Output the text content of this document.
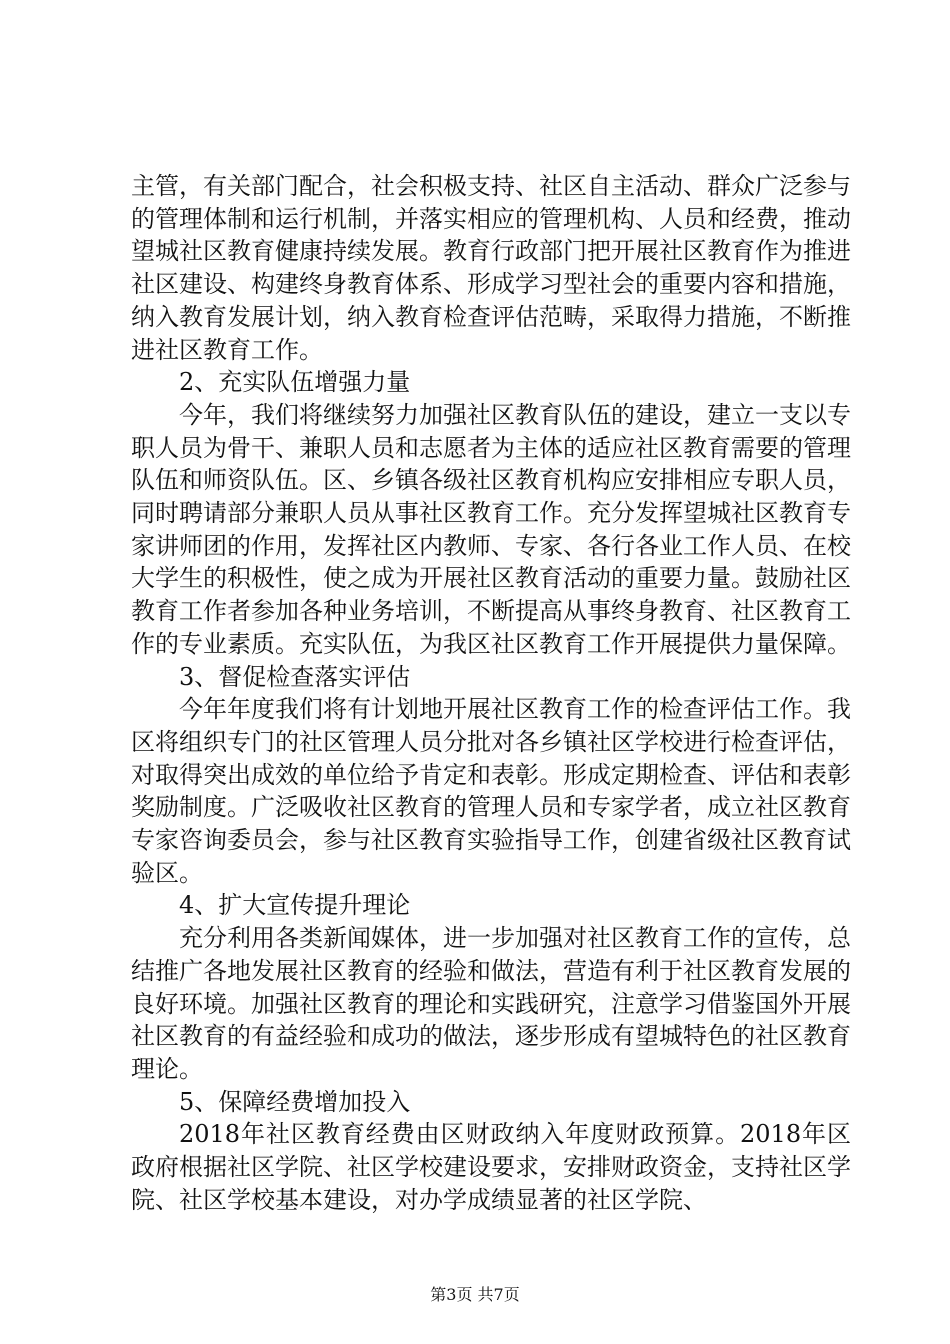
主管，有关部门配合，社会积极支持、社区自主活动、群众广泛参与的管理体制和运行机制，并落实相应的管理机构、人员和经费，推动望城社区教育健康持续发展。教育行政部门把开展社区教育作为推进社区建设、构建终身教育体系、形成学习型社会的重要内容和措施，纳入教育发展计划，纳入教育检查评估范畴，采取得力措施，不断推进社区教育工作。

2、充实队伍增强力量

今年，我们将继续努力加强社区教育队伍的建设，建立一支以专职人员为骨干、兼职人员和志愿者为主体的适应社区教育需要的管理队伍和师资队伍。区、乡镇各级社区教育机构应安排相应专职人员，同时聘请部分兼职人员从事社区教育工作。充分发挥望城社区教育专家讲师团的作用，发挥社区内教师、专家、各行各业工作人员、在校大学生的积极性，使之成为开展社区教育活动的重要力量。鼓励社区教育工作者参加各种业务培训，不断提高从事终身教育、社区教育工作的专业素质。充实队伍，为我区社区教育工作开展提供力量保障。

3、督促检查落实评估

今年年度我们将有计划地开展社区教育工作的检查评估工作。我区将组织专门的社区管理人员分批对各乡镇社区学校进行检查评估，对取得突出成效的单位给予肯定和表彰。形成定期检查、评估和表彰奖励制度。广泛吸收社区教育的管理人员和专家学者，成立社区教育专家咨询委员会，参与社区教育实验指导工作，创建省级社区教育试验区。

4、扩大宣传提升理论

充分利用各类新闻媒体，进一步加强对社区教育工作的宣传，总结推广各地发展社区教育的经验和做法，营造有利于社区教育发展的良好环境。加强社区教育的理论和实践研究，注意学习借鉴国外开展社区教育的有益经验和成功的做法，逐步形成有望城特色的社区教育理论。

5、保障经费增加投入

2018年社区教育经费由区财政纳入年度财政预算。2018年区政府根据社区学院、社区学校建设要求，安排财政资金，支持社区学院、社区学校基本建设，对办学成绩显著的社区学院、

第3页 共7页
